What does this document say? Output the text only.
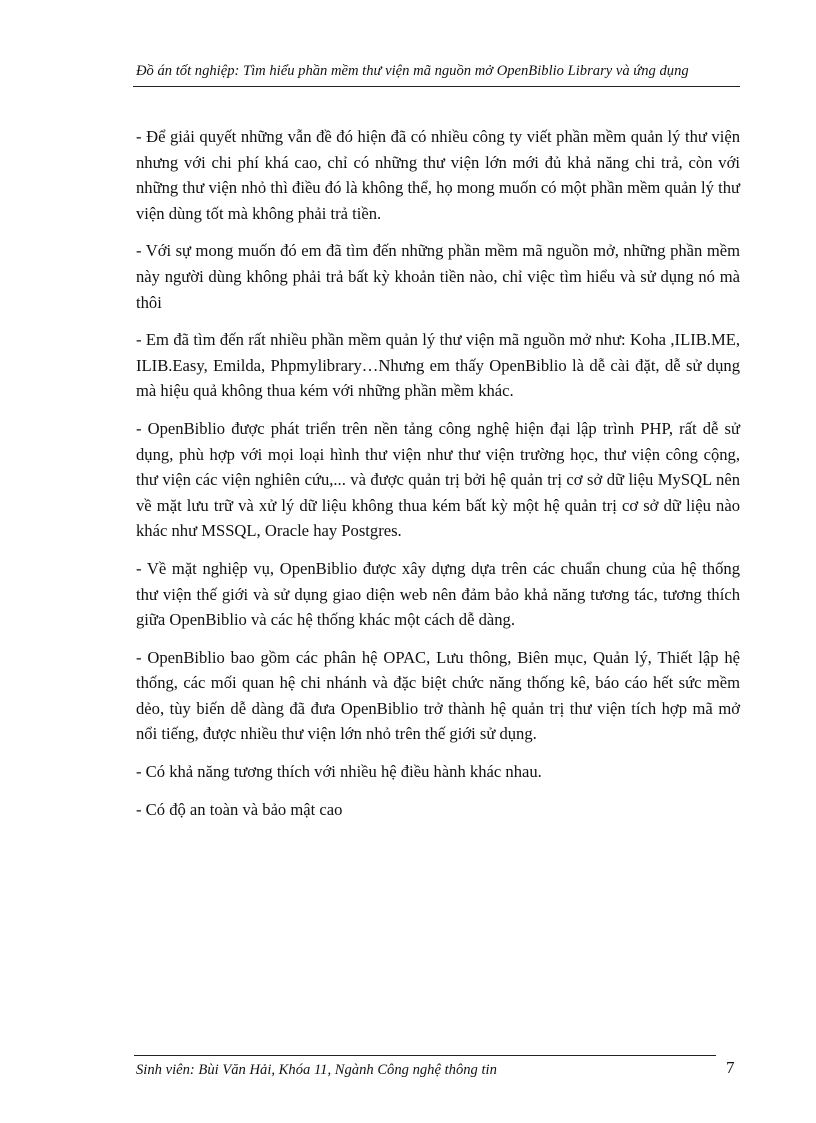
Đồ án tốt nghiệp: Tìm hiểu phần mềm thư viện mã nguồn mở OpenBiblio Library và ứng dụng

- Để giải quyết những vẫn đề đó hiện đã có nhiều công ty viết phần mềm quản lý thư viện nhưng với chi phí khá cao, chỉ có những thư viện lớn mới đủ khả năng chi trả, còn với những thư viện nhỏ thì điều đó là không thể, họ mong muốn có một phần mềm quản lý thư viện dùng tốt mà không phải trả tiền.

- Với sự mong muốn đó em đã tìm đến những phần mềm mã nguồn mở, những phần mềm này người dùng không phải trả bất kỳ khoản tiền nào, chỉ việc tìm hiểu và sử dụng nó mà thôi

- Em đã tìm đến rất nhiều phần mềm quản lý thư viện mã nguồn mở như: Koha ,ILIB.ME, ILIB.Easy, Emilda, Phpmylibrary…Nhưng em thấy OpenBiblio là dễ cài đặt, dễ sử dụng mà hiệu quả không thua kém với những phần mềm khác.

- OpenBiblio được phát triển trên nền tảng công nghệ hiện đại lập trình PHP, rất dễ sử dụng, phù hợp với mọi loại hình thư viện như thư viện trường học, thư viện công cộng, thư viện các viện nghiên cứu,... và được quản trị bởi hệ quản trị cơ sở dữ liệu MySQL nên về mặt lưu trữ và xử lý dữ liệu không thua kém bất kỳ một hệ quản trị cơ sở dữ liệu nào khác như MSSQL, Oracle hay Postgres.

- Về mặt nghiệp vụ, OpenBiblio được xây dựng dựa trên các chuẩn chung của hệ thống thư viện thế giới và sử dụng giao diện web nên đảm bảo khả năng tương tác, tương thích giữa OpenBiblio và các hệ thống khác một cách dễ dàng.

- OpenBiblio bao gồm các phân hệ OPAC, Lưu thông, Biên mục, Quản lý, Thiết lập hệ thống, các mối quan hệ chi nhánh và đặc biệt chức năng thống kê, báo cáo hết sức mềm dẻo, tùy biến dễ dàng đã đưa OpenBiblio trở thành hệ quản trị thư viện tích hợp mã mở nổi tiếng, được nhiều thư viện lớn nhỏ trên thế giới sử dụng.

- Có khả năng tương thích với nhiều hệ điều hành khác nhau.

- Có độ an toàn và bảo mật cao

Sinh viên: Bùi Văn Hải, Khóa 11, Ngành Công nghệ thông tin	7
